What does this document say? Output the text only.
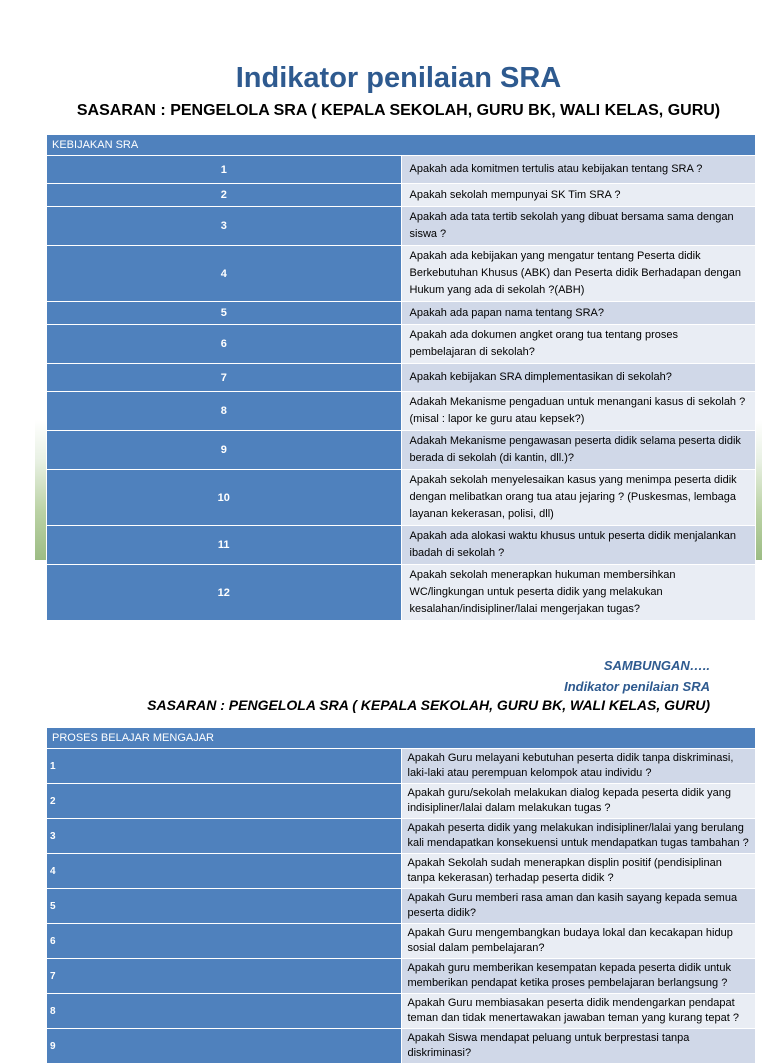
Indikator penilaian SRA
SASARAN : PENGELOLA SRA ( KEPALA SEKOLAH, GURU BK, WALI KELAS, GURU)
KEBIJAKAN SRA	
1	Apakah ada komitmen tertulis atau kebijakan tentang SRA ?
2	Apakah sekolah mempunyai SK Tim SRA ?
3	Apakah ada tata tertib sekolah yang dibuat bersama sama dengan siswa ?
4	Apakah ada kebijakan yang mengatur tentang Peserta didik Berkebutuhan Khusus (ABK) dan Peserta didik Berhadapan dengan Hukum yang ada di sekolah ?(ABH)
5	Apakah ada papan nama tentang SRA?
6	Apakah ada dokumen angket orang tua tentang proses pembelajaran di sekolah?
7	Apakah kebijakan SRA dimplementasikan di sekolah?
8	Adakah Mekanisme pengaduan untuk menangani kasus di sekolah ? (misal : lapor ke guru atau kepsek?)
9	Adakah Mekanisme pengawasan peserta didik selama peserta didik berada di sekolah (di kantin, dll.)?
10	Apakah sekolah menyelesaikan kasus yang menimpa peserta didik dengan melibatkan orang tua atau jejaring ? (Puskesmas, lembaga layanan kekerasan, polisi, dll)
11	Apakah ada alokasi waktu khusus untuk peserta didik menjalankan ibadah di sekolah ?
12	Apakah sekolah menerapkan hukuman membersihkan WC/lingkungan untuk peserta didik yang melakukan kesalahan/indisipliner/lalai mengerjakan tugas?
SAMBUNGAN…..
Indikator penilaian SRA
SASARAN : PENGELOLA SRA ( KEPALA SEKOLAH, GURU BK, WALI KELAS, GURU)
PROSES BELAJAR MENGAJAR	
1	Apakah Guru melayani kebutuhan peserta didik tanpa diskriminasi, laki-laki atau perempuan kelompok atau individu ?
2	Apakah guru/sekolah melakukan dialog kepada peserta didik yang indisipliner/lalai dalam melakukan tugas ?
3	Apakah peserta didik yang melakukan indisipliner/lalai yang berulang kali mendapatkan konsekuensi untuk mendapatkan tugas tambahan ?
4	Apakah Sekolah sudah menerapkan displin positif (pendisiplinan tanpa kekerasan) terhadap peserta didik ?
5	Apakah Guru memberi rasa aman dan kasih sayang kepada semua peserta didik?
6	Apakah Guru mengembangkan budaya lokal dan kecakapan hidup sosial dalam pembelajaran?
7	Apakah guru memberikan kesempatan kepada peserta didik untuk memberikan pendapat ketika proses pembelajaran berlangsung ?
8	Apakah Guru membiasakan peserta didik mendengarkan pendapat teman dan tidak menertawakan jawaban teman yang kurang tepat ?
9	Apakah Siswa mendapat peluang untuk berprestasi tanpa diskriminasi?
